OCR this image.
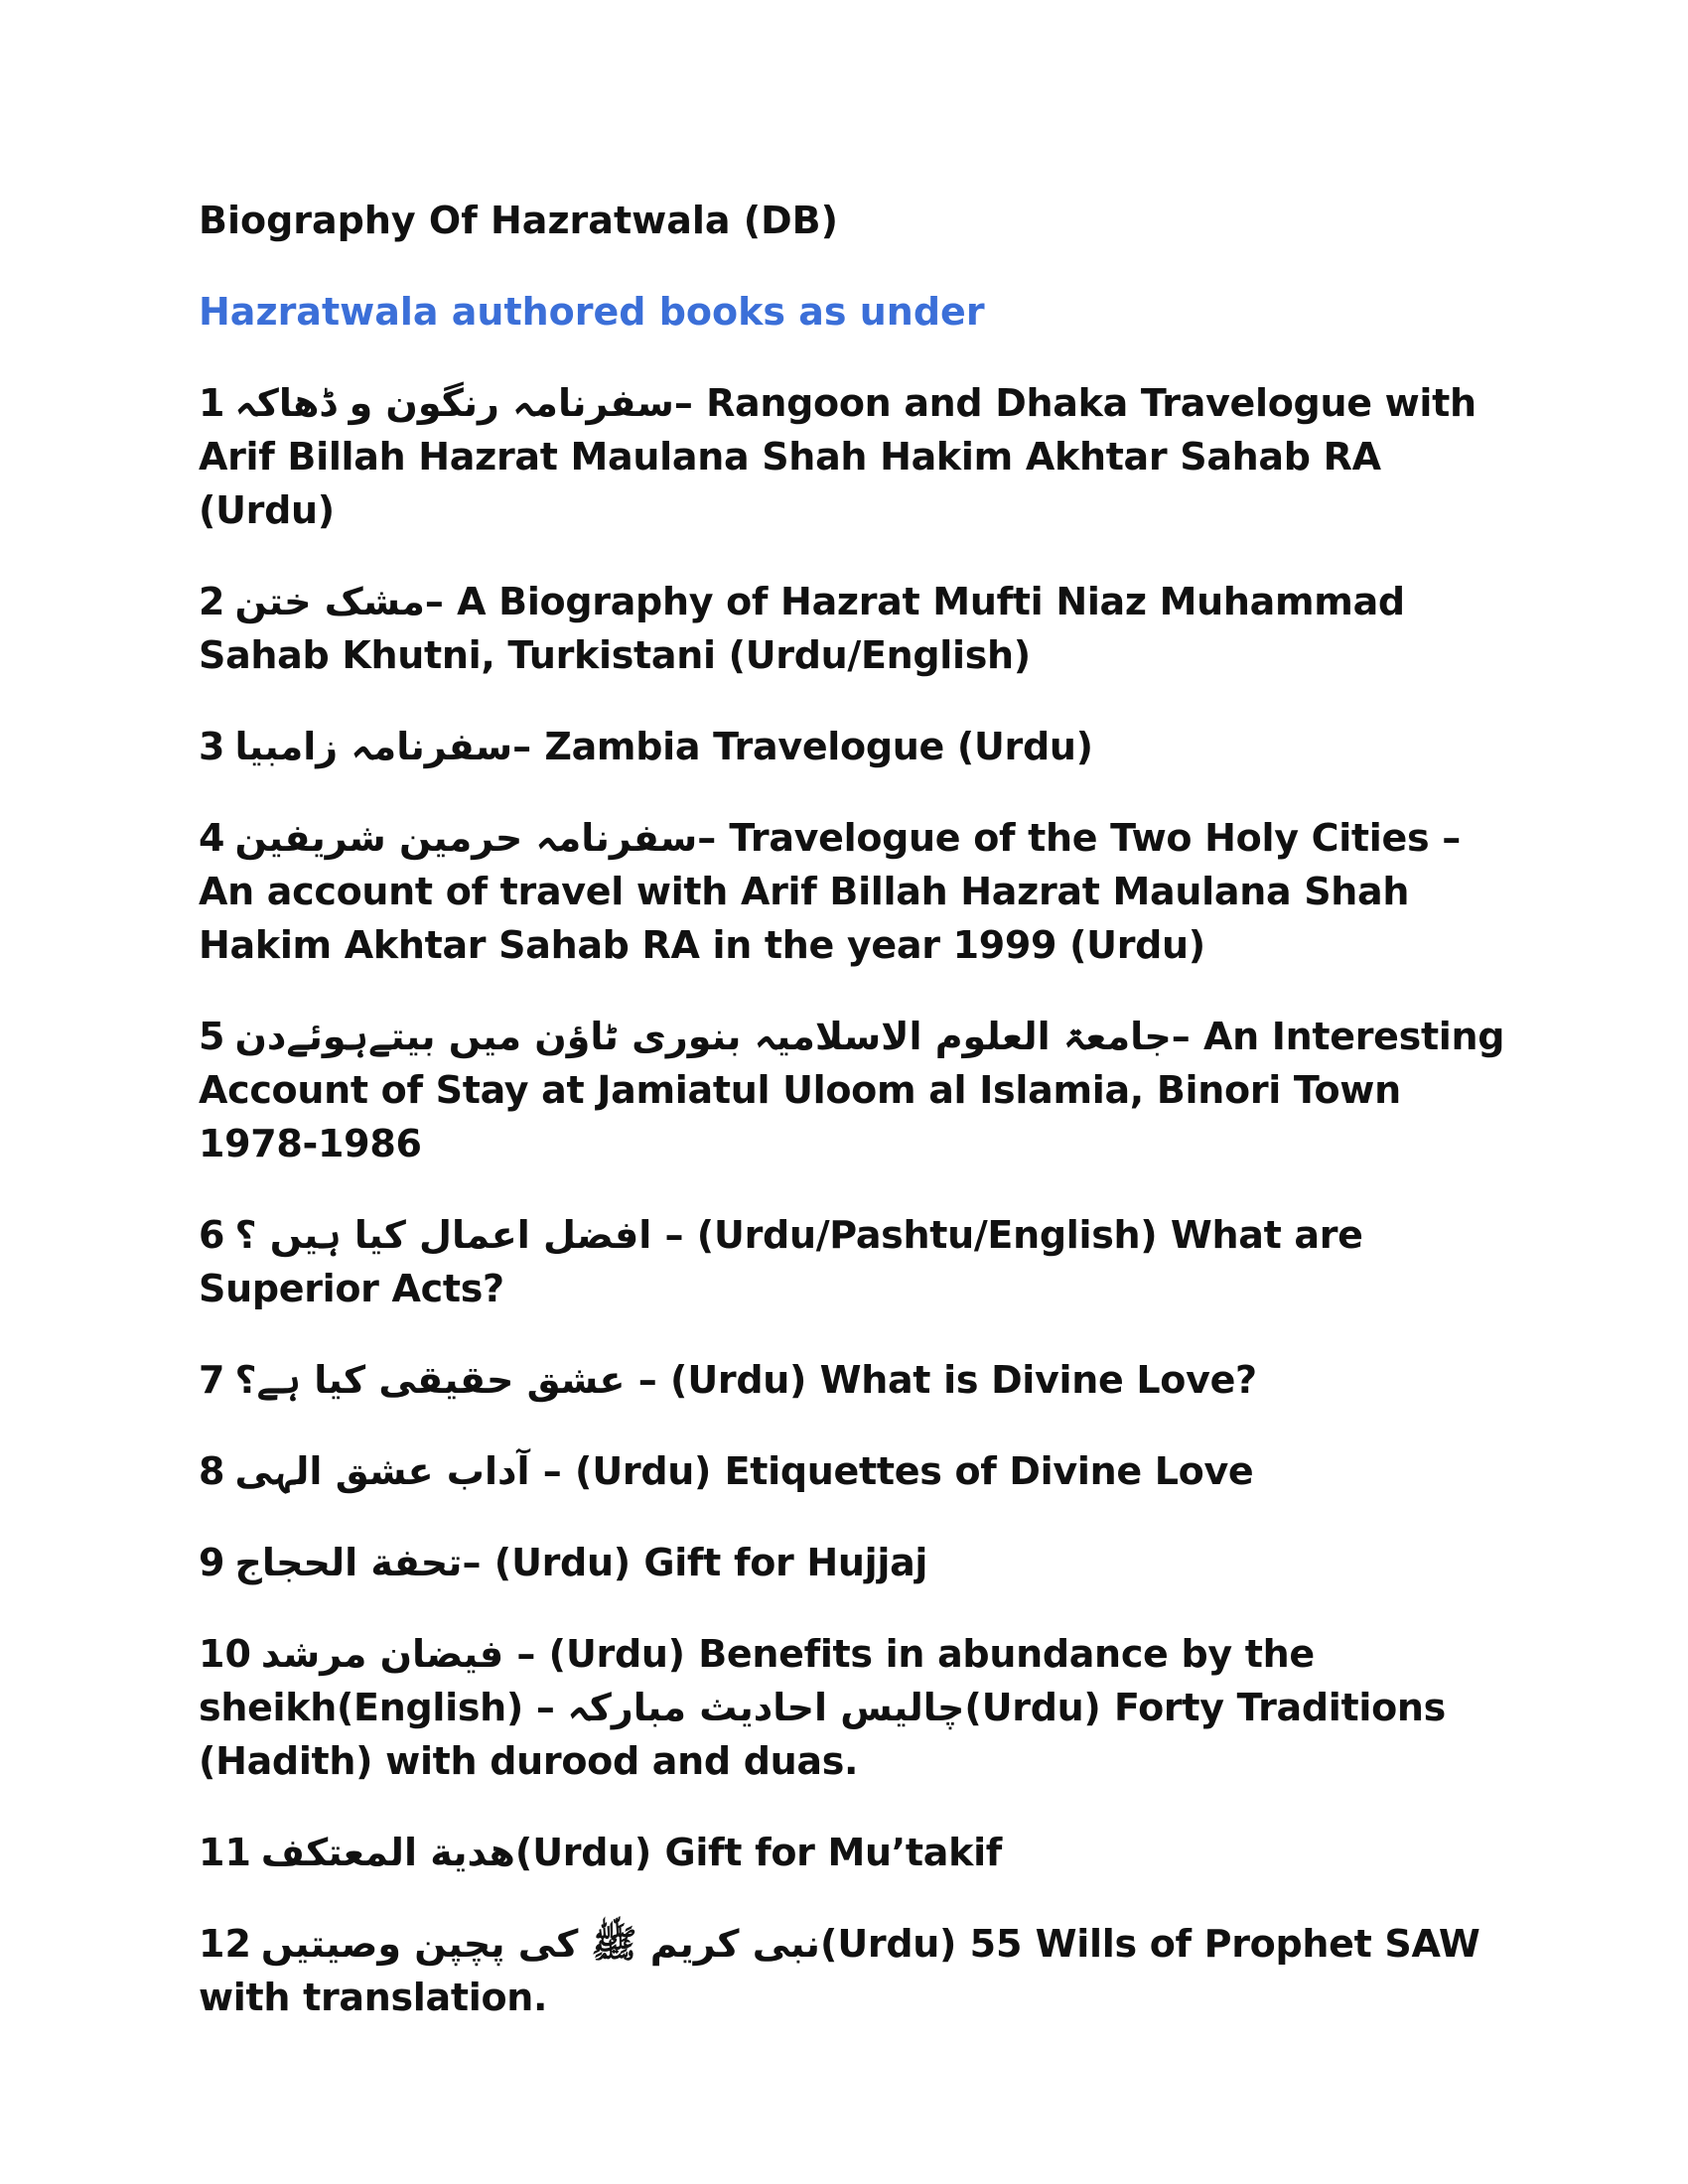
Biography Of Hazratwala (DB)
Hazratwala authored books as under
1 سفرنامہ رنگون و ڈھاکہ– Rangoon and Dhaka Travelogue with Arif Billah Hazrat Maulana Shah Hakim Akhtar Sahab RA (Urdu)
2 مشک ختن– A Biography of Hazrat Mufti Niaz Muhammad Sahab Khutni, Turkistani (Urdu/English)
3 سفرنامہ زامبیا– Zambia Travelogue (Urdu)
4 سفرنامہ حرمین شریفین– Travelogue of the Two Holy Cities – An account of travel with Arif Billah Hazrat Maulana Shah Hakim Akhtar Sahab RA in the year 1999 (Urdu)
5 جامعۃ العلوم الاسلامیہ بنوری ٹاؤن میں بیتےہوئےدن– An Interesting Account of Stay at Jamiatul Uloom al Islamia, Binori Town 1978-1986
6 افضل اعمال کیا ہیں ؟ – (Urdu/Pashtu/English) What are Superior Acts?
7 عشق حقیقی کیا ہے؟ – (Urdu) What is Divine Love?
8 آداب عشق الہی – (Urdu) Etiquettes of Divine Love
9 تحفة الحجاج– (Urdu) Gift for Hujjaj
10 فیضان مرشد – (Urdu) Benefits in abundance by the sheikh(English) – چالیس احادیث مبارکہ(Urdu) Forty Traditions (Hadith) with durood and duas.
11 هدية المعتكف(Urdu) Gift for Mu’takif
12 نبی کریم ﷺ کی پچپن وصیتیں(Urdu) 55 Wills of Prophet SAW with translation.
